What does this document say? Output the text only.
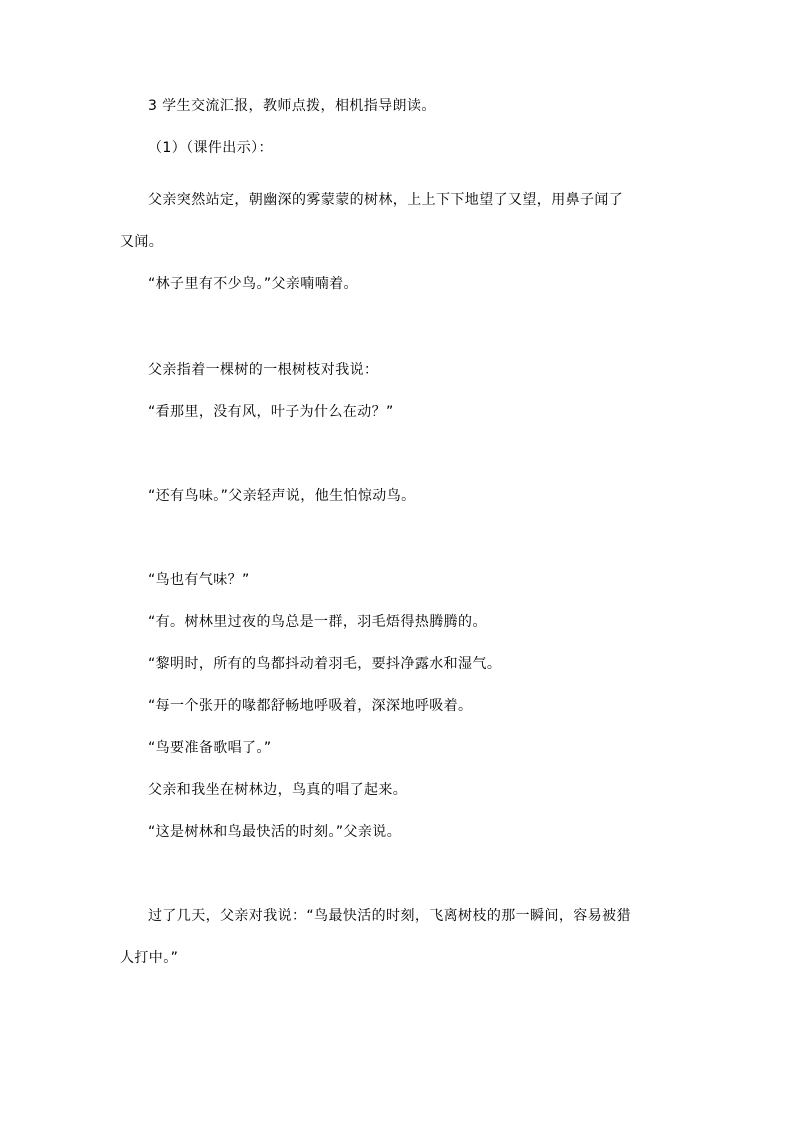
3 学生交流汇报，教师点拨，相机指导朗读。
（1）（课件出示）：
父亲突然站定，朝幽深的雾蒙蒙的树林，上上下下地望了又望，用鼻子闻了
又闻。
“林子里有不少鸟。”父亲喃喃着。
父亲指着一棵树的一根树枝对我说：
“看那里，没有风，叶子为什么在动？”
“还有鸟味。”父亲轻声说，他生怕惊动鸟。
“鸟也有气味？”
“有。树林里过夜的鸟总是一群，羽毛焐得热腾腾的。
“黎明时，所有的鸟都抖动着羽毛，要抖净露水和湿气。
“每一个张开的喙都舒畅地呼吸着，深深地呼吸着。
“鸟要准备歌唱了。”
父亲和我坐在树林边，鸟真的唱了起来。
“这是树林和鸟最快活的时刻。”父亲说。
过了几天，父亲对我说：“鸟最快活的时刻，飞离树枝的那一瞬间，容易被猎
人打中。”
